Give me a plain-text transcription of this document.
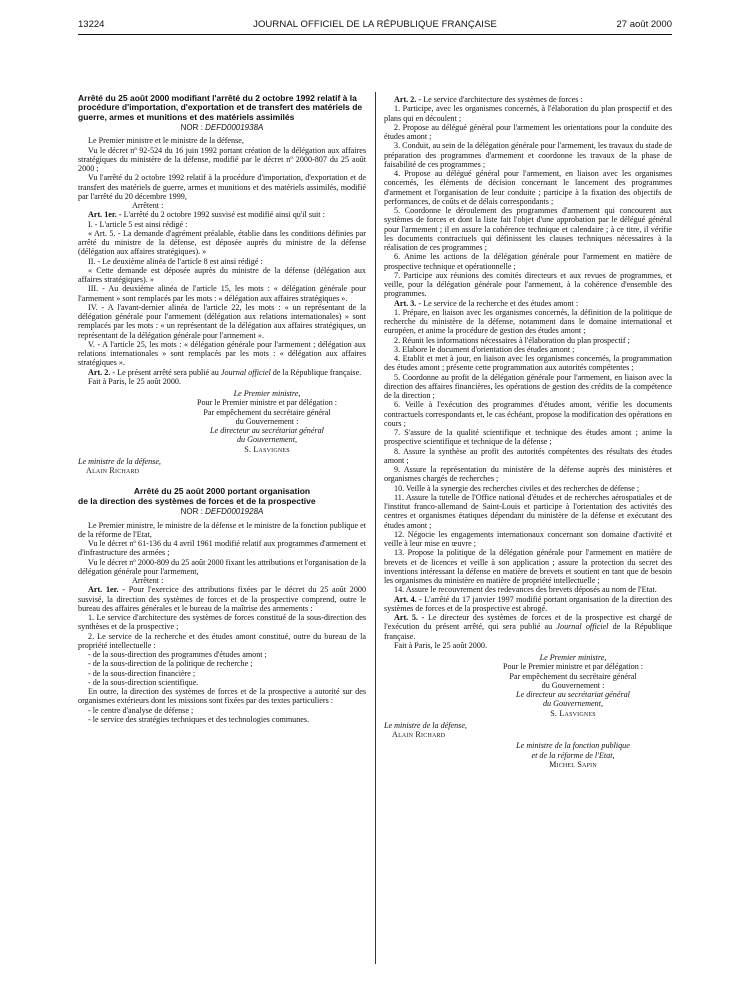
13224	JOURNAL OFFICIEL DE LA RÉPUBLIQUE FRANÇAISE	27 août 2000

Arrêté du 25 août 2000 modifiant l'arrêté du 2 octobre 1992 relatif à la procédure d'importation, d'exportation et de transfert des matériels de guerre, armes et munitions et des matériels assimilés

NOR : DEFD0001938A

Le Premier ministre et le ministre de la défense,

Vu le décret nº 92-524 du 16 juin 1992 portant création de la délégation aux affaires stratégiques du ministère de la défense, modifié par le décret nº 2000-807 du 25 août 2000 ;

Vu l'arrêté du 2 octobre 1992 relatif à la procédure d'importation, d'exportation et de transfert des matériels de guerre, armes et munitions et des matériels assimilés, modifié par l'arrêté du 20 décembre 1999,

Arrêtent :

Art. 1er. - L'arrêté du 2 octobre 1992 susvisé est modifié ainsi qu'il suit :

I. - L'article 5 est ainsi rédigé :

« Art. 5. - La demande d'agrément préalable, établie dans les conditions définies par arrêté du ministre de la défense, est déposée auprès du ministre de la défense (délégation aux affaires stratégiques). »

II. - Le deuxième alinéa de l'article 8 est ainsi rédigé :

« Cette demande est déposée auprès du ministre de la défense (délégation aux affaires stratégiques). »

III. - Au deuxième alinéa de l'article 15, les mots : « délégation générale pour l'armement » sont remplacés par les mots : « délégation aux affaires stratégiques ».

IV. - A l'avant-dernier alinéa de l'article 22, les mots : « un représentant de la délégation générale pour l'armement (délégation aux relations internationales) » sont remplacés par les mots : « un représentant de la délégation aux affaires stratégiques, un représentant de la délégation générale pour l'armement ».

V. - A l'article 25, les mots : « délégation générale pour l'armement ; délégation aux relations internationales » sont remplacés par les mots : « délégation aux affaires stratégiques ».

Art. 2. - Le présent arrêté sera publié au Journal officiel de la République française.

Fait à Paris, le 25 août 2000.

Le Premier ministre,

Pour le Premier ministre et par délégation :

Par empêchement du secrétaire général

du Gouvernement :

Le directeur au secrétariat général

du Gouvernement,

S. Lasvignes

Le ministre de la défense,

Alain Richard

Arrêté du 25 août 2000 portant organisation

de la direction des systèmes de forces et de la prospective

NOR : DEFD0001928A

Le Premier ministre, le ministre de la défense et le ministre de la fonction publique et de la réforme de l'Etat,

Vu le décret nº 61-136 du 4 avril 1961 modifié relatif aux programmes d'armement et d'infrastructure des armées ;

Vu le décret nº 2000-809 du 25 août 2000 fixant les attributions et l'organisation de la délégation générale pour l'armement,

Arrêtent :

Art. 1er. - Pour l'exercice des attributions fixées par le décret du 25 août 2000 susvisé, la direction des systèmes de forces et de la prospective comprend, outre le bureau des affaires générales et le bureau de la maîtrise des armements :

1. Le service d'architecture des systèmes de forces constitué de la sous-direction des synthèses et de la prospective ;

2. Le service de la recherche et des études amont constitué, outre du bureau de la propriété intellectuelle :

- de la sous-direction des programmes d'études amont ;

- de la sous-direction de la politique de recherche ;

- de la sous-direction financière ;

- de la sous-direction scientifique.

En outre, la direction des systèmes de forces et de la prospective a autorité sur des organismes extérieurs dont les missions sont fixées par des textes particuliers :

- le centre d'analyse de défense ;

- le service des stratégies techniques et des technologies communes.

Art. 2. - Le service d'architecture des systèmes de forces :

1. Participe, avec les organismes concernés, à l'élaboration du plan prospectif et des plans qui en découlent ;

2. Propose au délégué général pour l'armement les orientations pour la conduite des études amont ;

3. Conduit, au sein de la délégation générale pour l'armement, les travaux du stade de préparation des programmes d'armement et coordonne les travaux de la phase de faisabilité de ces programmes ;

4. Propose au délégué général pour l'armement, en liaison avec les organismes concernés, les éléments de décision concernant le lancement des programmes d'armement et l'organisation de leur conduite ; participe à la fixation des objectifs de performances, de coûts et de délais correspondants ;

5. Coordonne le déroulement des programmes d'armement qui concourent aux systèmes de forces et dont la liste fait l'objet d'une approbation par le délégué général pour l'armement ; il en assure la cohérence technique et calendaire ; à ce titre, il vérifie les documents contractuels qui définissent les clauses techniques nécessaires à la réalisation de ces programmes ;

6. Anime les actions de la délégation générale pour l'armement en matière de prospective technique et opérationnelle ;

7. Participe aux réunions des comités directeurs et aux revues de programmes, et veille, pour la délégation générale pour l'armement, à la cohérence d'ensemble des programmes.

Art. 3. - Le service de la recherche et des études amont :

1. Prépare, en liaison avec les organismes concernés, la définition de la politique de recherche du ministère de la défense, notamment dans le domaine international et européen, et anime la procédure de gestion des études amont ;

2. Réunit les informations nécessaires à l'élaboration du plan prospectif ;

3. Elabore le document d'orientation des études amont ;

4. Etablit et met à jour, en liaison avec les organismes concernés, la programmation des études amont ; présente cette programmation aux autorités compétentes ;

5. Coordonne au profit de la délégation générale pour l'armement, en liaison avec la direction des affaires financières, les opérations de gestion des crédits de la compétence de la direction ;

6. Veille à l'exécution des programmes d'études amont, vérifie les documents contractuels correspondants et, le cas échéant, propose la modification des opérations en cours ;

7. S'assure de la qualité scientifique et technique des études amont ; anime la prospective scientifique et technique de la défense ;

8. Assure la synthèse au profit des autorités compétentes des résultats des études amont ;

9. Assure la représentation du ministère de la défense auprès des ministères et organismes chargés de recherches ;

10. Veille à la synergie des recherches civiles et des recherches de défense ;

11. Assure la tutelle de l'Office national d'études et de recherches aérospatiales et de l'institut franco-allemand de Saint-Louis et participe à l'orientation des activités des centres et organismes étatiques dépendant du ministère de la défense et exécutant des études amont ;

12. Négocie les engagements internationaux concernant son domaine d'activité et veille à leur mise en œuvre ;

13. Propose la politique de la délégation générale pour l'armement en matière de brevets et de licences et veille à son application ; assure la protection du secret des inventions intéressant la défense en matière de brevets et soutient en tant que de besoin les organismes du ministère en matière de propriété intellectuelle ;

14. Assure le recouvrement des redevances des brevets déposés au nom de l'Etat.

Art. 4. - L'arrêté du 17 janvier 1997 modifié portant organisation de la direction des systèmes de forces et de la prospective est abrogé.

Art. 5. - Le directeur des systèmes de forces et de la prospective est chargé de l'exécution du présent arrêté, qui sera publié au Journal officiel de la République française.

Fait à Paris, le 25 août 2000.

Le Premier ministre,

Pour le Premier ministre et par délégation :

Par empêchement du secrétaire général

du Gouvernement :

Le directeur au secrétariat général

du Gouvernement,

S. Lasvignes

Le ministre de la défense,

Alain Richard

Le ministre de la fonction publique

et de la réforme de l'Etat,

Michel Sapin
